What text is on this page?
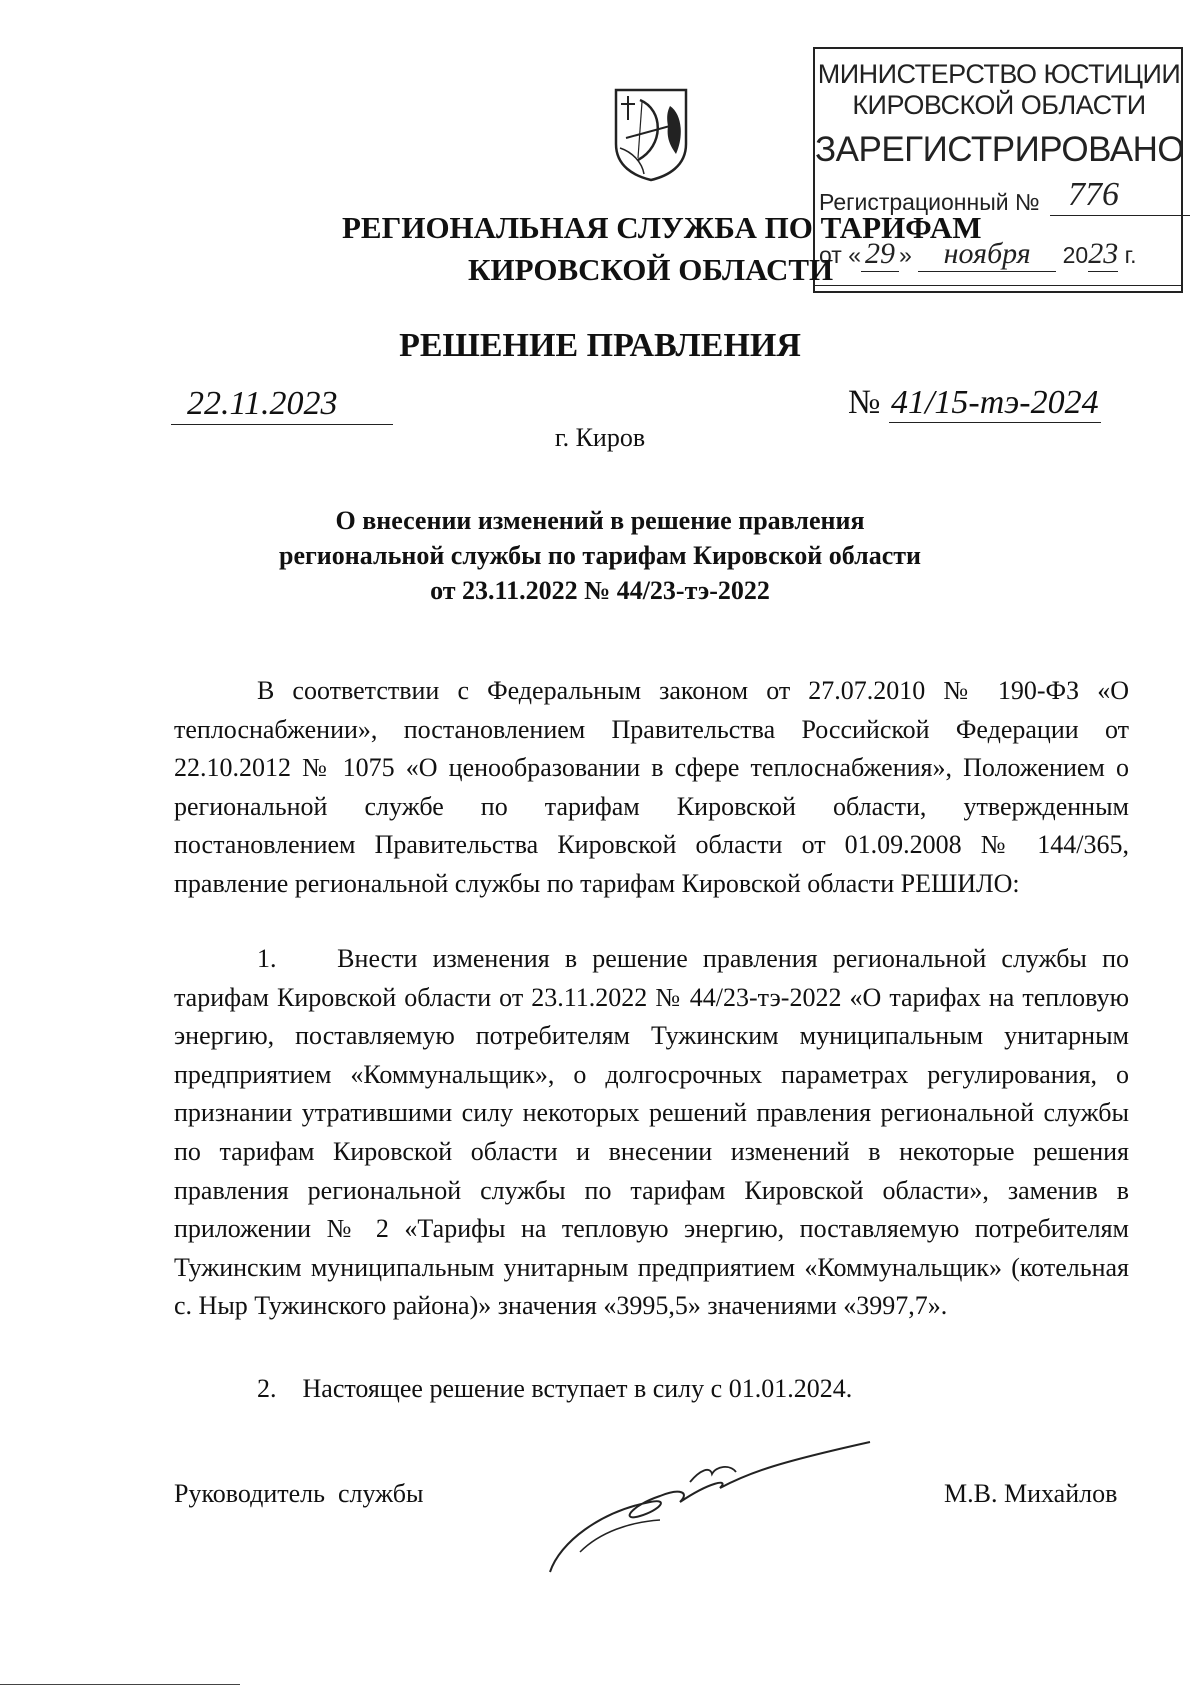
МИНИСТЕРСТВО ЮСТИЦИИ
КИРОВСКОЙ ОБЛАСТИ
ЗАРЕГИСТРИРОВАНО
Регистрационный № 776
от « 29 » ноября 2023 г.
РЕГИОНАЛЬНАЯ СЛУЖБА ПО ТАРИФАМ
КИРОВСКОЙ ОБЛАСТИ
РЕШЕНИЕ ПРАВЛЕНИЯ
22.11.2023	№ 41/15-тэ-2024
г. Киров
О внесении изменений в решение правления
региональной службы по тарифам Кировской области
от 23.11.2022 № 44/23-тэ-2022
В соответствии с Федеральным законом от 27.07.2010 № 190-ФЗ «О теплоснабжении», постановлением Правительства Российской Федерации от 22.10.2012 № 1075 «О ценообразовании в сфере теплоснабжения», Положением о региональной службе по тарифам Кировской области, утвержденным постановлением Правительства Кировской области от 01.09.2008 № 144/365, правление региональной службы по тарифам Кировской области РЕШИЛО:
1.    Внести изменения в решение правления региональной службы по тарифам Кировской области от 23.11.2022 № 44/23-тэ-2022 «О тарифах на тепловую энергию, поставляемую потребителям Тужинским муниципальным унитарным предприятием «Коммунальщик», о долгосрочных параметрах регулирования, о признании утратившими силу некоторых решений правления региональной службы по тарифам Кировской области и внесении изменений в некоторые решения правления региональной службы по тарифам Кировской области», заменив в приложении № 2 «Тарифы на тепловую энергию, поставляемую потребителям Тужинским муниципальным унитарным предприятием «Коммунальщик» (котельная с. Ныр Тужинского района)» значения «3995,5» значениями «3997,7».
2.    Настоящее решение вступает в силу с 01.01.2024.
Руководитель  службы	М.В. Михайлов
